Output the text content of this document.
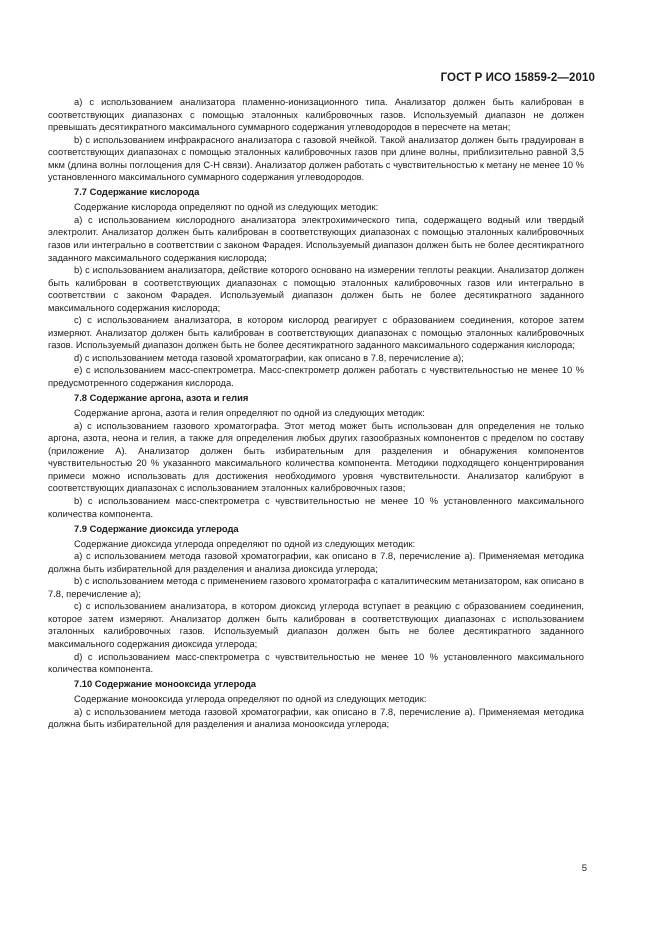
ГОСТ Р ИСО 15859-2—2010

а) с использованием анализатора пламенно-ионизационного типа. Анализатор должен быть калиброван в соответствующих диапазонах с помощью эталонных калибровочных газов. Используемый диапазон не должен превышать десятикратного максимального суммарного содержания углеводородов в пересчете на метан;

b) с использованием инфракрасного анализатора с газовой ячейкой. Такой анализатор должен быть градуирован в соответствующих диапазонах с помощью эталонных калибровочных газов при длине волны, приблизительно равной 3,5 мкм (длина волны поглощения для С-Н связи). Анализатор должен работать с чувствительностью к метану не менее 10 % установленного максимального суммарного содержания углеводородов.

7.7 Содержание кислорода

Содержание кислорода определяют по одной из следующих методик:

а) с использованием кислородного анализатора электрохимического типа, содержащего водный или твердый электролит. Анализатор должен быть калиброван в соответствующих диапазонах с помощью эталонных калибровочных газов или интегрально в соответствии с законом Фарадея. Используемый диапазон должен быть не более десятикратного заданного максимального содержания кислорода;

b) с использованием анализатора, действие которого основано на измерении теплоты реакции. Анализатор должен быть калиброван в соответствующих диапазонах с помощью эталонных калибровочных газов или интегрально в соответствии с законом Фарадея. Используемый диапазон должен быть не более десятикратного заданного максимального содержания кислорода;

с) с использованием анализатора, в котором кислород реагирует с образованием соединения, которое затем измеряют. Анализатор должен быть калиброван в соответствующих диапазонах с помощью эталонных калибровочных газов. Используемый диапазон должен быть не более десятикратного заданного максимального содержания кислорода;

d) с использованием метода газовой хроматографии, как описано в 7.8, перечисление а);

е) с использованием масс-спектрометра. Масс-спектрометр должен работать с чувствительностью не менее 10 % предусмотренного содержания кислорода.

7.8 Содержание аргона, азота и гелия

Содержание аргона, азота и гелия определяют по одной из следующих методик:

а) с использованием газового хроматографа. Этот метод может быть использован для определения не только аргона, азота, неона и гелия, а также для определения любых других газообразных компонентов с пределом по составу (приложение А). Анализатор должен быть избирательным для разделения и обнаружения компонентов чувствительностью 20 % указанного максимального количества компонента. Методики подходящего концентрирования примеси можно использовать для достижения необходимого уровня чувствительности. Анализатор калибруют в соответствующих диапазонах с использованием эталонных калибровочных газов;

b) с использованием масс-спектрометра с чувствительностью не менее 10 % установленного максимального количества компонента.

7.9 Содержание диоксида углерода

Содержание диоксида углерода определяют по одной из следующих методик:

а) с использованием метода газовой хроматографии, как описано в 7.8, перечисление а). Применяемая методика должна быть избирательной для разделения и анализа диоксида углерода;

b) с использованием метода с применением газового хроматографа с каталитическим метанизатором, как описано в 7.8, перечисление а);

с) с использованием анализатора, в котором диоксид углерода вступает в реакцию с образованием соединения, которое затем измеряют. Анализатор должен быть калиброван в соответствующих диапазонах с использованием эталонных калибровочных газов. Используемый диапазон должен быть не более десятикратного заданного максимального содержания диоксида углерода;

d) с использованием масс-спектрометра с чувствительностью не менее 10 % установленного максимального количества компонента.

7.10 Содержание монооксида углерода

Содержание монооксида углерода определяют по одной из следующих методик:

а) с использованием метода газовой хроматографии, как описано в 7.8, перечисление а). Применяемая методика должна быть избирательной для разделения и анализа монооксида углерода;

5
